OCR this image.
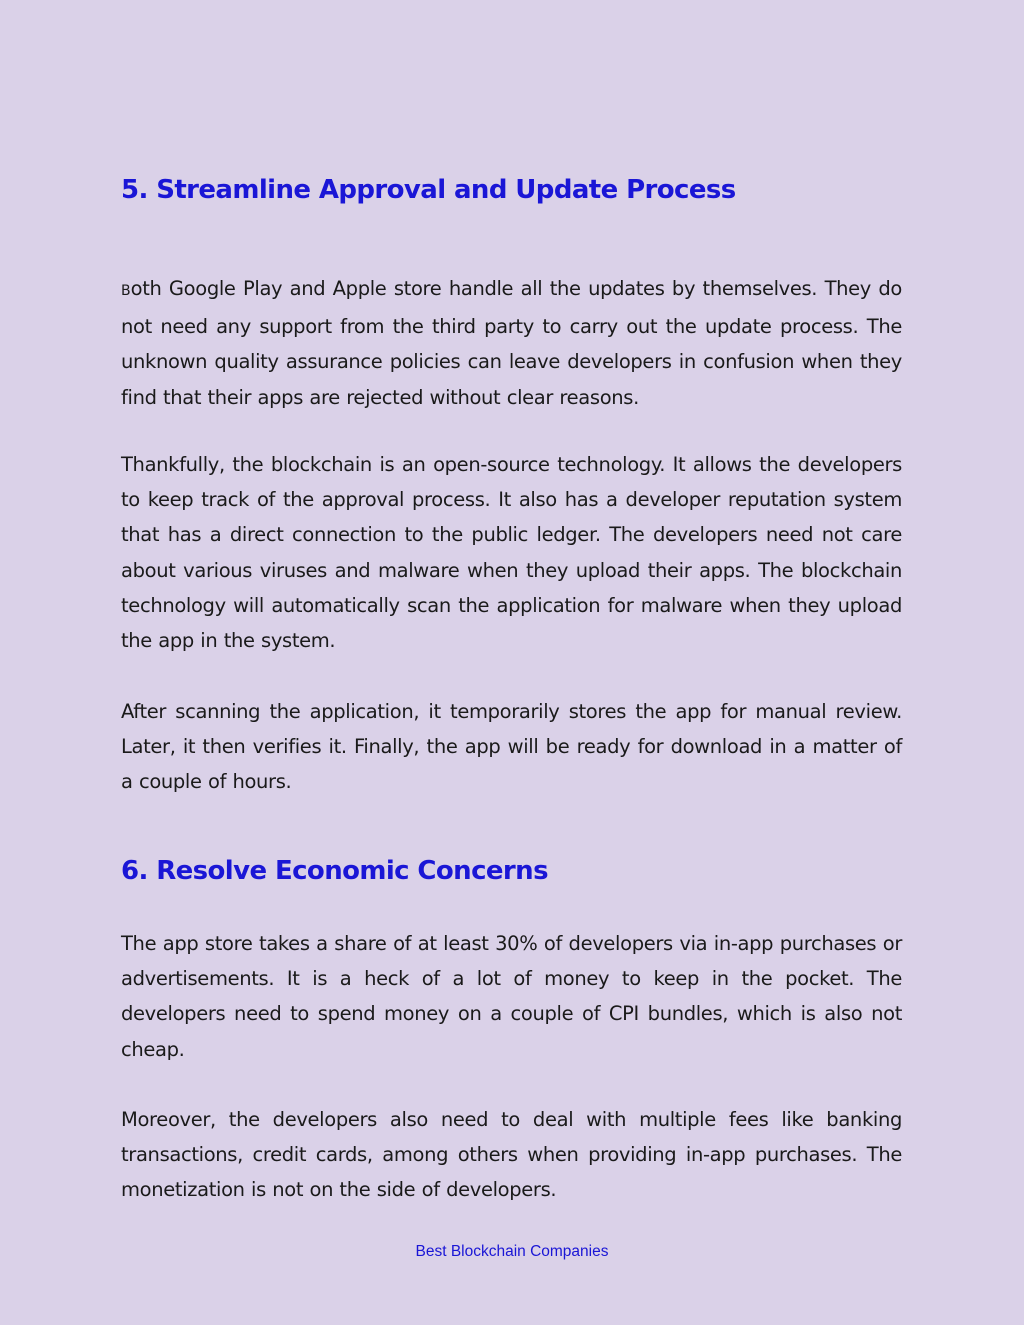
5. Streamline Approval and Update Process

Both Google Play and Apple store handle all the updates by themselves. They do not need any support from the third party to carry out the update process. The unknown quality assurance policies can leave developers in confusion when they find that their apps are rejected without clear reasons.

Thankfully, the blockchain is an open-source technology. It allows the developers to keep track of the approval process. It also has a developer reputation system that has a direct connection to the public ledger. The developers need not care about various viruses and malware when they upload their apps. The blockchain technology will automatically scan the application for malware when they upload the app in the system.

After scanning the application, it temporarily stores the app for manual review. Later, it then verifies it. Finally, the app will be ready for download in a matter of a couple of hours.

6. Resolve Economic Concerns

The app store takes a share of at least 30% of developers via in-app purchases or advertisements. It is a heck of a lot of money to keep in the pocket. The developers need to spend money on a couple of CPI bundles, which is also not cheap.

Moreover, the developers also need to deal with multiple fees like banking transactions, credit cards, among others when providing in-app purchases. The monetization is not on the side of developers.

Best Blockchain Companies
